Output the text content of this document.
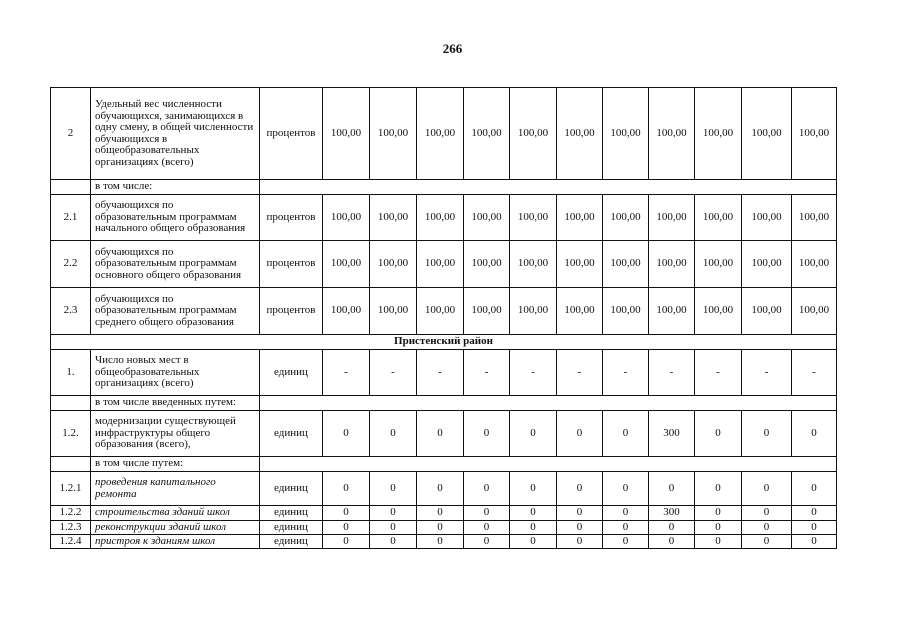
266
2	Удельный вес численности обучающихся, занимающихся в одну смену, в общей численности обучающихся в общеобразовательных организациях (всего)	процентов	100,00	100,00	100,00	100,00	100,00	100,00	100,00	100,00	100,00	100,00	100,00
	в том числе:												
2.1	обучающихся по образовательным программам начального общего образования	процентов	100,00	100,00	100,00	100,00	100,00	100,00	100,00	100,00	100,00	100,00	100,00
2.2	обучающихся по образовательным программам основного общего образования	процентов	100,00	100,00	100,00	100,00	100,00	100,00	100,00	100,00	100,00	100,00	100,00
2.3	обучающихся по образовательным программам среднего общего образования	процентов	100,00	100,00	100,00	100,00	100,00	100,00	100,00	100,00	100,00	100,00	100,00
Пристенский район													
1.	Число новых мест в общеобразовательных организациях (всего)	единиц	-	-	-	-	-	-	-	-	-	-	-
	в том числе введенных путем:												
1.2.	модернизации существующей инфраструктуры общего образования (всего),	единиц	0	0	0	0	0	0	0	300	0	0	0
	в том числе путем:												
1.2.1	проведения капитального ремонта	единиц	0	0	0	0	0	0	0	0	0	0	0
1.2.2	строительства зданий школ	единиц	0	0	0	0	0	0	0	300	0	0	0
1.2.3	реконструкции зданий школ	единиц	0	0	0	0	0	0	0	0	0	0	0
1.2.4	пристроя к зданиям школ	единиц	0	0	0	0	0	0	0	0	0	0	0
